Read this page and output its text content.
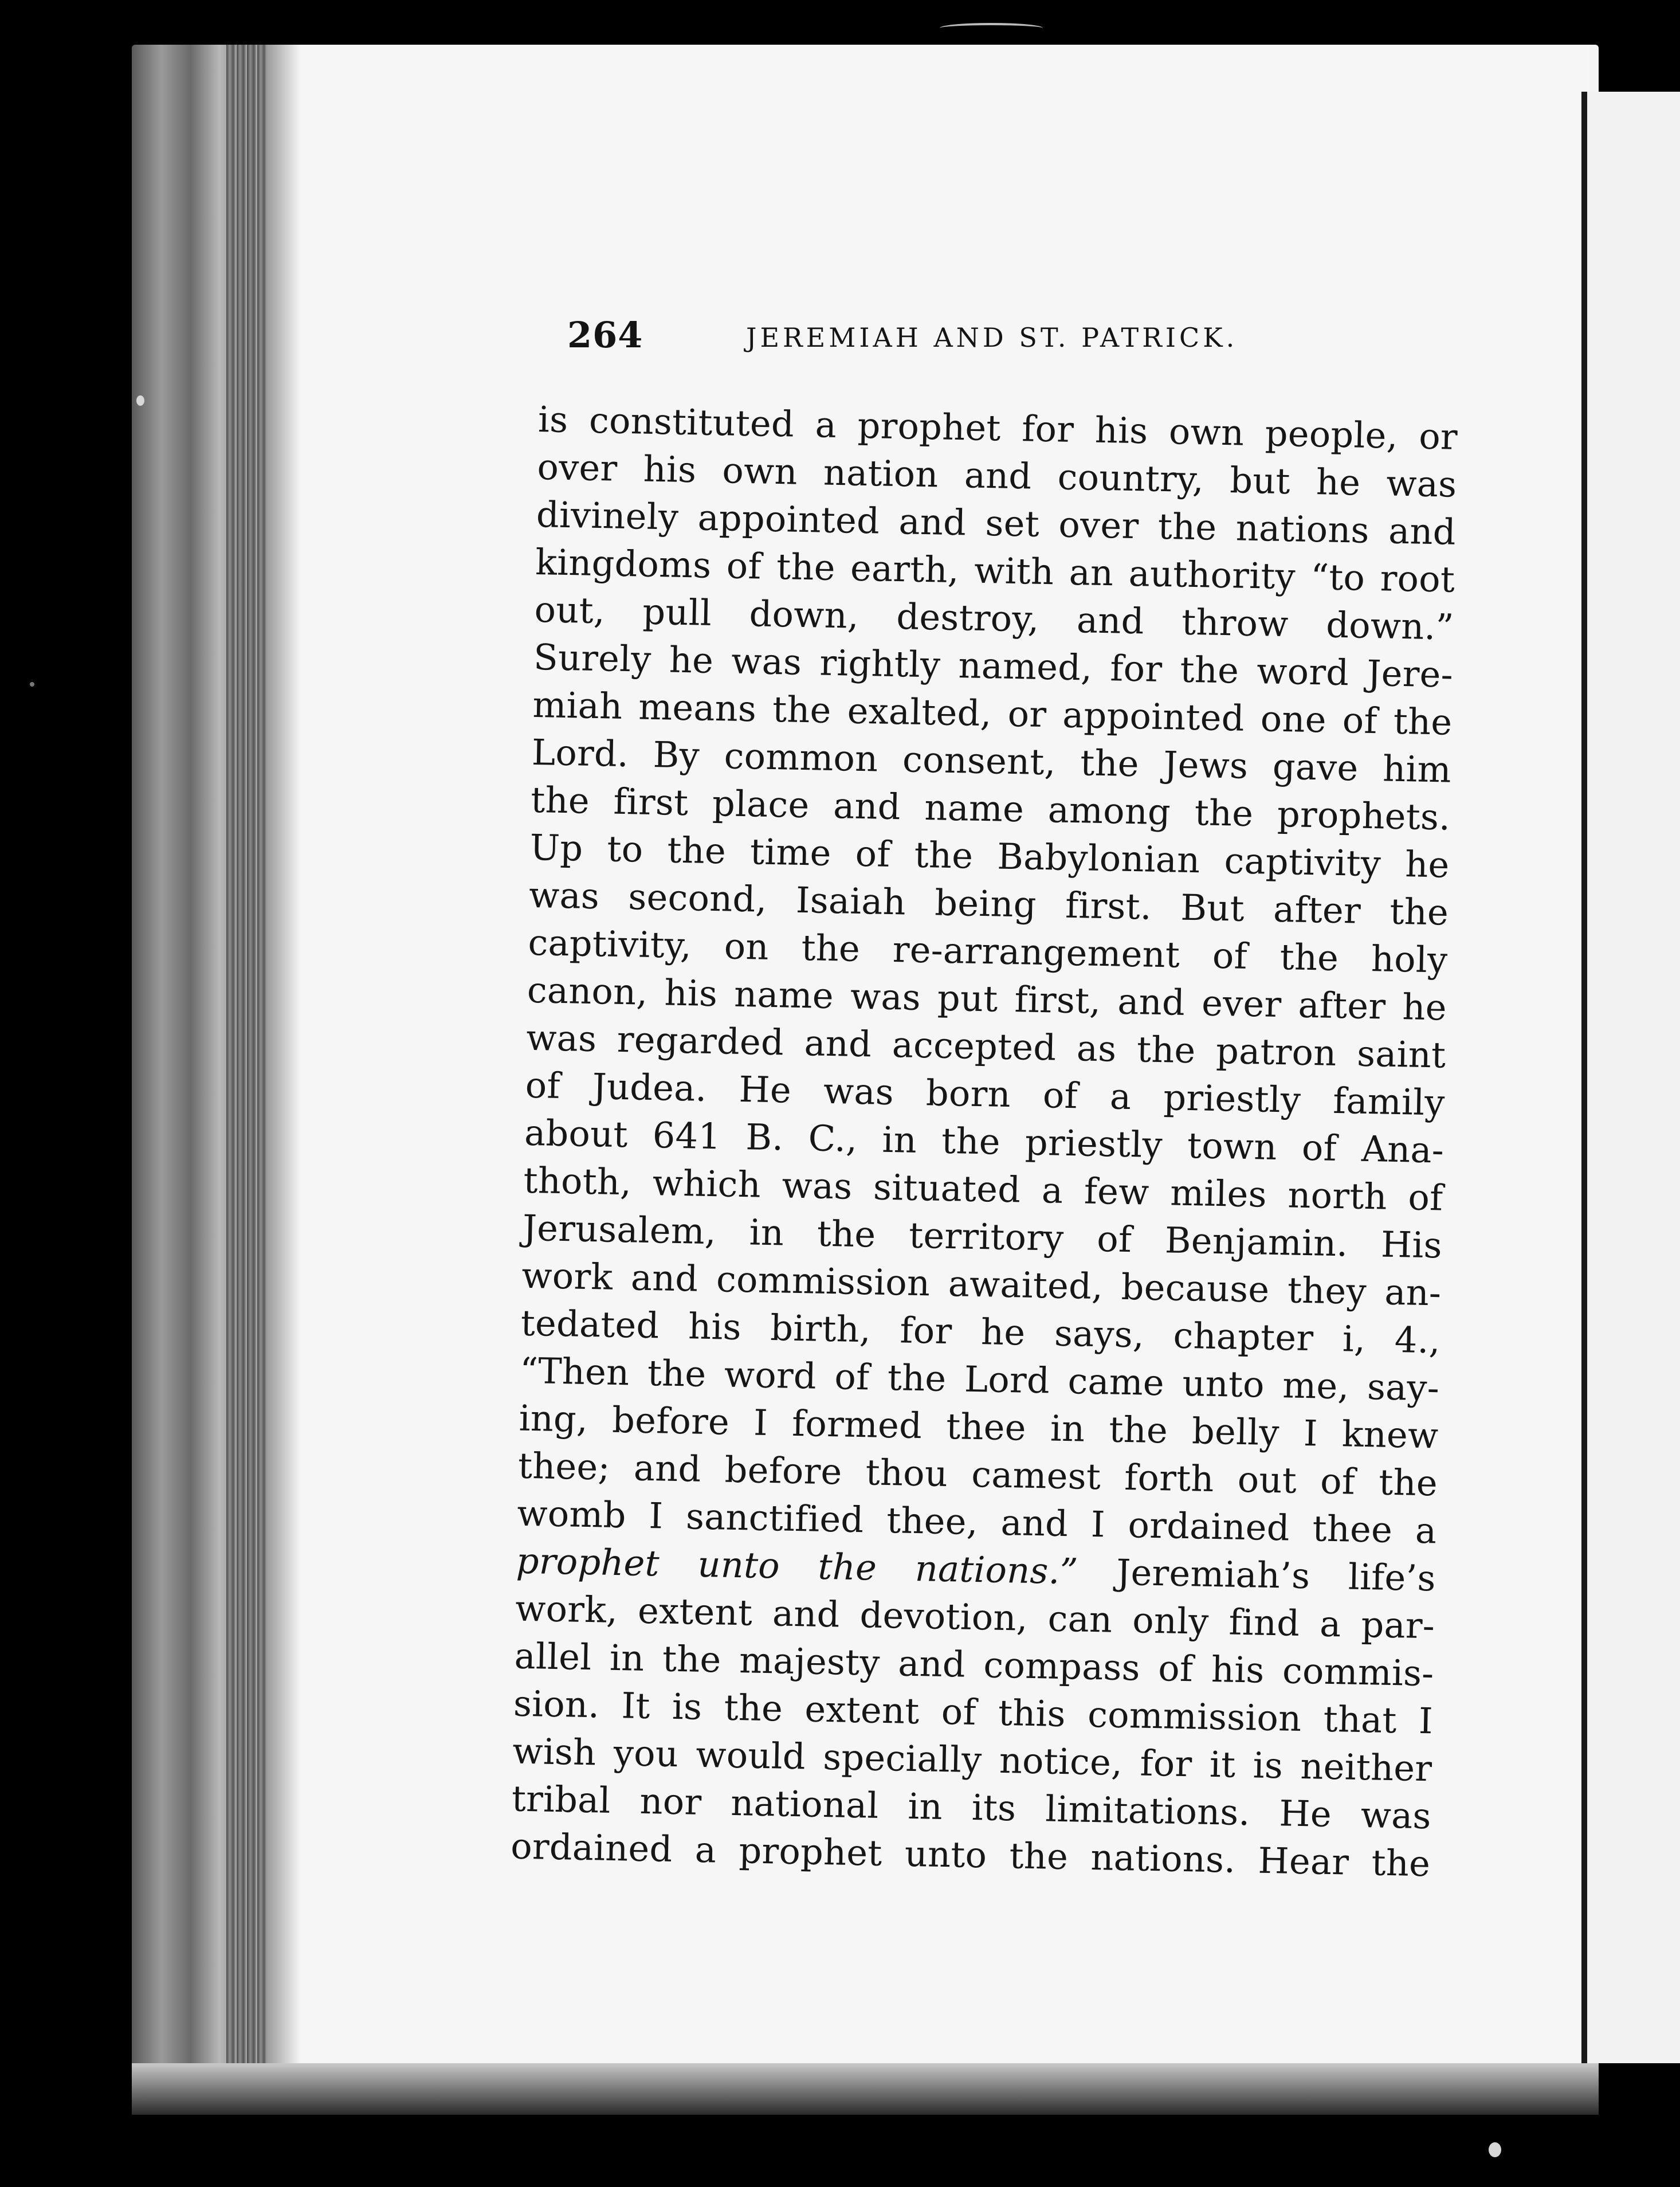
264	JEREMIAH AND ST. PATRICK.
is constituted a prophet for his own people, or
over his own nation and country, but he was
divinely appointed and set over the nations and
kingdoms of the earth, with an authority “to root
out, pull down, destroy, and throw down.”
Surely he was rightly named, for the word Jere-
miah means the exalted, or appointed one of the
Lord. By common consent, the Jews gave him
the first place and name among the prophets.
Up to the time of the Babylonian captivity he
was second, Isaiah being first. But after the
captivity, on the re-arrangement of the holy
canon, his name was put first, and ever after he
was regarded and accepted as the patron saint
of Judea. He was born of a priestly family
about 641 B. C., in the priestly town of Ana-
thoth, which was situated a few miles north of
Jerusalem, in the territory of Benjamin. His
work and commission awaited, because they an-
tedated his birth, for he says, chapter i, 4.,
“Then the word of the Lord came unto me, say-
ing, before I formed thee in the belly I knew
thee; and before thou camest forth out of the
womb I sanctified thee, and I ordained thee a
prophet unto the nations.” Jeremiah’s life’s
work, extent and devotion, can only find a par-
allel in the majesty and compass of his commis-
sion. It is the extent of this commission that I
wish you would specially notice, for it is neither
tribal nor national in its limitations. He was
ordained a prophet unto the nations. Hear the
